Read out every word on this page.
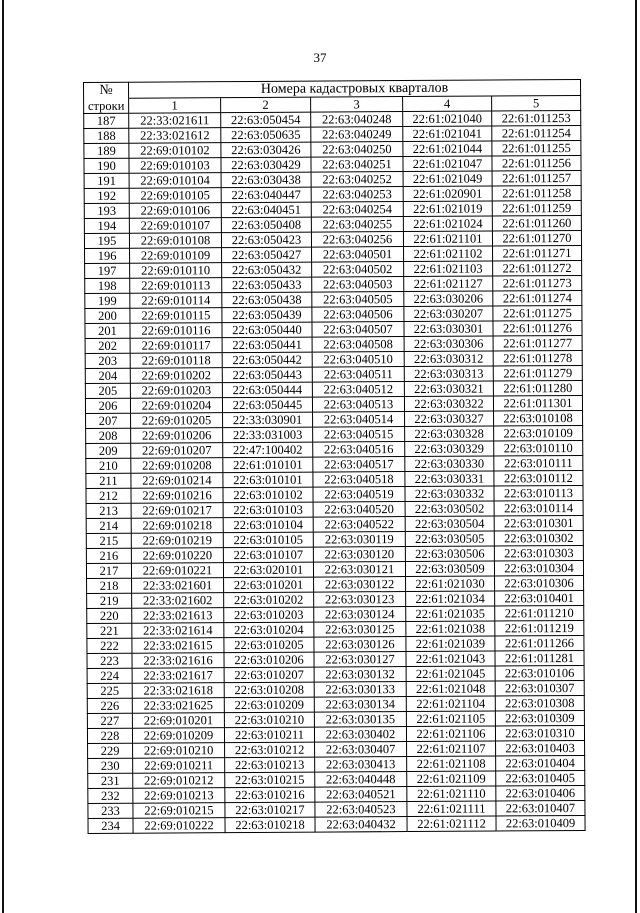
37
№	Номера кадастровых кварталов				
строки	1	2	3	4	5
187	22:33:021611	22:63:050454	22:63:040248	22:61:021040	22:61:011253
188	22:33:021612	22:63:050635	22:63:040249	22:61:021041	22:61:011254
189	22:69:010102	22:63:030426	22:63:040250	22:61:021044	22:61:011255
190	22:69:010103	22:63:030429	22:63:040251	22:61:021047	22:61:011256
191	22:69:010104	22:63:030438	22:63:040252	22:61:021049	22:61:011257
192	22:69:010105	22:63:040447	22:63:040253	22:61:020901	22:61:011258
193	22:69:010106	22:63:040451	22:63:040254	22:61:021019	22:61:011259
194	22:69:010107	22:63:050408	22:63:040255	22:61:021024	22:61:011260
195	22:69:010108	22:63:050423	22:63:040256	22:61:021101	22:61:011270
196	22:69:010109	22:63:050427	22:63:040501	22:61:021102	22:61:011271
197	22:69:010110	22:63:050432	22:63:040502	22:61:021103	22:61:011272
198	22:69:010113	22:63:050433	22:63:040503	22:61:021127	22:61:011273
199	22:69:010114	22:63:050438	22:63:040505	22:63:030206	22:61:011274
200	22:69:010115	22:63:050439	22:63:040506	22:63:030207	22:61:011275
201	22:69:010116	22:63:050440	22:63:040507	22:63:030301	22:61:011276
202	22:69:010117	22:63:050441	22:63:040508	22:63:030306	22:61:011277
203	22:69:010118	22:63:050442	22:63:040510	22:63:030312	22:61:011278
204	22:69:010202	22:63:050443	22:63:040511	22:63:030313	22:61:011279
205	22:69:010203	22:63:050444	22:63:040512	22:63:030321	22:61:011280
206	22:69:010204	22:63:050445	22:63:040513	22:63:030322	22:61:011301
207	22:69:010205	22:33:030901	22:63:040514	22:63:030327	22:63:010108
208	22:69:010206	22:33:031003	22:63:040515	22:63:030328	22:63:010109
209	22:69:010207	22:47:100402	22:63:040516	22:63:030329	22:63:010110
210	22:69:010208	22:61:010101	22:63:040517	22:63:030330	22:63:010111
211	22:69:010214	22:63:010101	22:63:040518	22:63:030331	22:63:010112
212	22:69:010216	22:63:010102	22:63:040519	22:63:030332	22:63:010113
213	22:69:010217	22:63:010103	22:63:040520	22:63:030502	22:63:010114
214	22:69:010218	22:63:010104	22:63:040522	22:63:030504	22:63:010301
215	22:69:010219	22:63:010105	22:63:030119	22:63:030505	22:63:010302
216	22:69:010220	22:63:010107	22:63:030120	22:63:030506	22:63:010303
217	22:69:010221	22:63:020101	22:63:030121	22:63:030509	22:63:010304
218	22:33:021601	22:63:010201	22:63:030122	22:61:021030	22:63:010306
219	22:33:021602	22:63:010202	22:63:030123	22:61:021034	22:63:010401
220	22:33:021613	22:63:010203	22:63:030124	22:61:021035	22:61:011210
221	22:33:021614	22:63:010204	22:63:030125	22:61:021038	22:61:011219
222	22:33:021615	22:63:010205	22:63:030126	22:61:021039	22:61:011266
223	22:33:021616	22:63:010206	22:63:030127	22:61:021043	22:61:011281
224	22:33:021617	22:63:010207	22:63:030132	22:61:021045	22:63:010106
225	22:33:021618	22:63:010208	22:63:030133	22:61:021048	22:63:010307
226	22:33:021625	22:63:010209	22:63:030134	22:61:021104	22:63:010308
227	22:69:010201	22:63:010210	22:63:030135	22:61:021105	22:63:010309
228	22:69:010209	22:63:010211	22:63:030402	22:61:021106	22:63:010310
229	22:69:010210	22:63:010212	22:63:030407	22:61:021107	22:63:010403
230	22:69:010211	22:63:010213	22:63:030413	22:61:021108	22:63:010404
231	22:69:010212	22:63:010215	22:63:040448	22:61:021109	22:63:010405
232	22:69:010213	22:63:010216	22:63:040521	22:61:021110	22:63:010406
233	22:69:010215	22:63:010217	22:63:040523	22:61:021111	22:63:010407
234	22:69:010222	22:63:010218	22:63:040432	22:61:021112	22:63:010409
